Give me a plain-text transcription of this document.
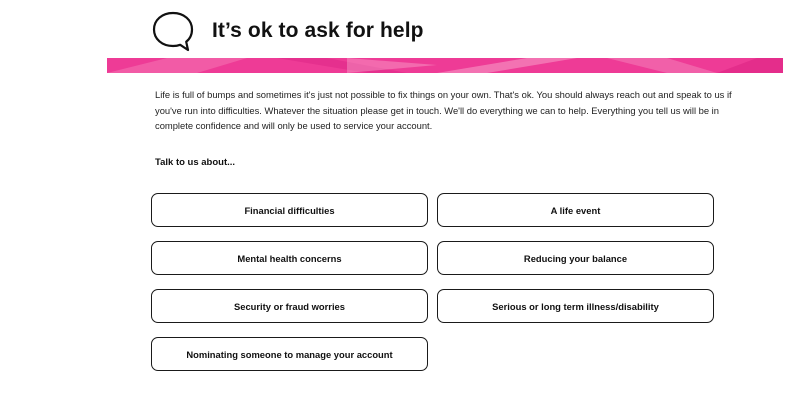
It’s ok to ask for help

Life is full of bumps and sometimes it's just not possible to fix things on your own. That's ok. You should always reach out and speak to us if you've run into difficulties. Whatever the situation please get in touch. We'll do everything we can to help. Everything you tell us will be in complete confidence and will only be used to service your account.

Talk to us about...

Financial difficulties	A life event
Mental health concerns	Reducing your balance
Security or fraud worries	Serious or long term illness/disability
Nominating someone to manage your account
